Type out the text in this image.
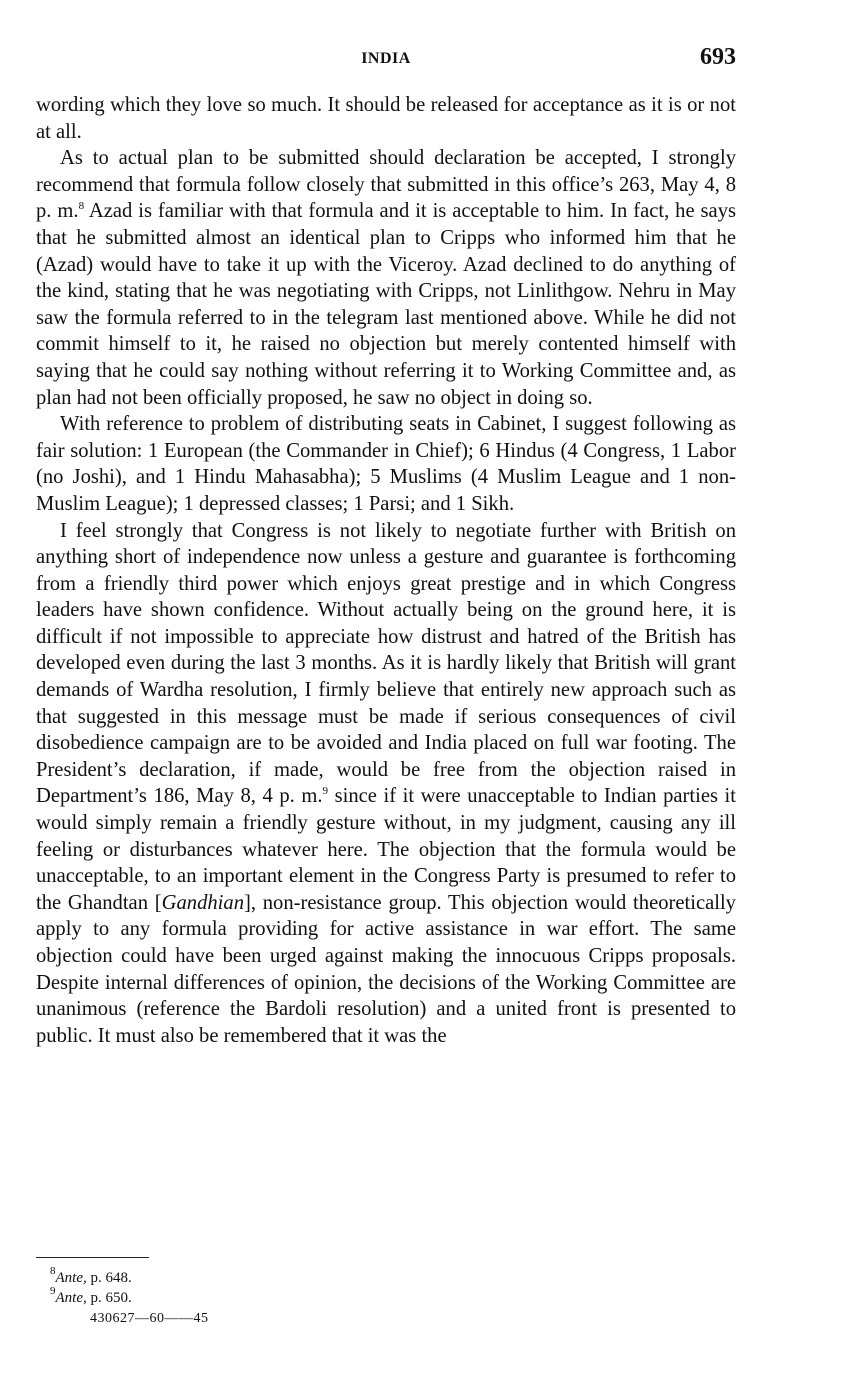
INDIA	693

wording which they love so much. It should be released for acceptance as it is or not at all.

As to actual plan to be submitted should declaration be accepted, I strongly recommend that formula follow closely that submitted in this office’s 263, May 4, 8 p. m.$^8$ Azad is familiar with that formula and it is acceptable to him. In fact, he says that he submitted almost an identical plan to Cripps who informed him that he (Azad) would have to take it up with the Viceroy. Azad declined to do anything of the kind, stating that he was negotiating with Cripps, not Linlithgow. Nehru in May saw the formula referred to in the telegram last mentioned above. While he did not commit himself to it, he raised no objection but merely contented himself with saying that he could say nothing without referring it to Working Committee and, as plan had not been officially proposed, he saw no object in doing so.

With reference to problem of distributing seats in Cabinet, I suggest following as fair solution: 1 European (the Commander in Chief); 6 Hindus (4 Congress, 1 Labor (no Joshi), and 1 Hindu Mahasabha); 5 Muslims (4 Muslim League and 1 non-Muslim League); 1 depressed classes; 1 Parsi; and 1 Sikh.

I feel strongly that Congress is not likely to negotiate further with British on anything short of independence now unless a gesture and guarantee is forthcoming from a friendly third power which enjoys great prestige and in which Congress leaders have shown confidence. Without actually being on the ground here, it is difficult if not impossible to appreciate how distrust and hatred of the British has developed even during the last 3 months. As it is hardly likely that British will grant demands of Wardha resolution, I firmly believe that entirely new approach such as that suggested in this message must be made if serious consequences of civil disobedience campaign are to be avoided and India placed on full war footing. The President’s declaration, if made, would be free from the objection raised in Department’s 186, May 8, 4 p. m.$^9$ since if it were unacceptable to Indian parties it would simply remain a friendly gesture without, in my judgment, causing any ill feeling or disturbances whatever here. The objection that the formula would be unacceptable, to an important element in the Congress Party is presumed to refer to the Ghandtan [Gandhian], non-resistance group. This objection would theoretically apply to any formula providing for active assistance in war effort. The same objection could have been urged against making the innocuous Cripps proposals. Despite internal differences of opinion, the decisions of the Working Committee are unanimous (reference the Bardoli resolution) and a united front is presented to public. It must also be remembered that it was the

$^8$Ante, p. 648.
$^9$Ante, p. 650.
430627—60——45
